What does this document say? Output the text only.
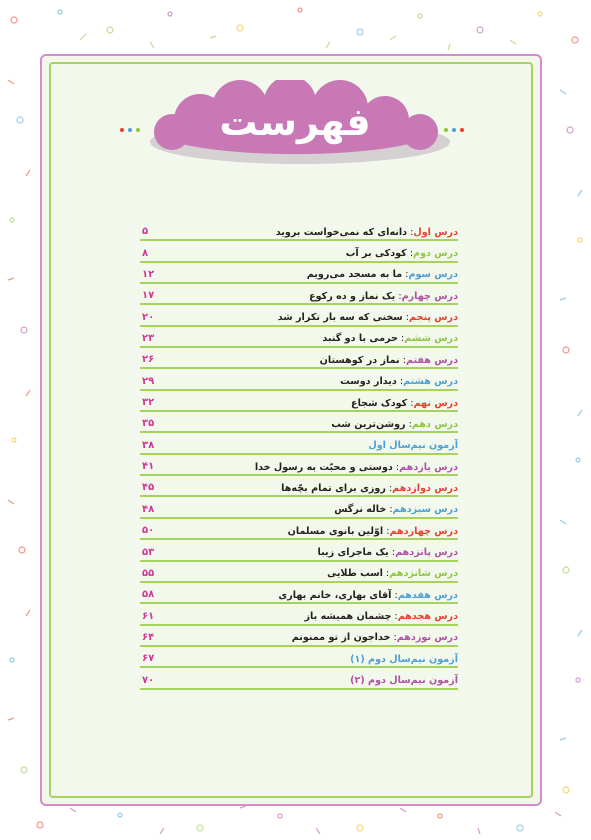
فهرست
درس اول: دانه‌ای که نمی‌خواست بروید
۵
درس دوم: کودکی بر آب
۸
درس سوم: ما به مسجد می‌رویم
۱۲
درس چهارم: یک نماز و ده رکوع
۱۷
درس پنجم: سخنی که سه بار تکرار شد
۲۰
درس ششم: حرمی با دو گنبد
۲۳
درس هفتم: نماز در کوهستان
۲۶
درس هشتم: دیدار دوست
۲۹
درس نهم: کودک شجاع
۳۲
درس دهم: روشن‌ترین شب
۳۵
آزمون نیم‌سال اول
۳۸
درس یازدهم: دوستی و محبّت به رسول خدا
۴۱
درس دوازدهم: روزی برای تمام بچّه‌ها
۴۵
درس سیزدهم: خاله نرگس
۴۸
درس چهاردهم: اوّلین بانوی مسلمان
۵۰
درس پانزدهم: یک ماجرای زیبا
۵۳
درس شانزدهم: اسب طلایی
۵۵
درس هفدهم: آقای بهاری، خانم بهاری
۵۸
درس هجدهم: چشمان همیشه باز
۶۱
درس نوزدهم: خداجون از تو ممنونم
۶۴
آزمون نیم‌سال دوم (۱)
۶۷
آزمون نیم‌سال دوم (۲)
۷۰
